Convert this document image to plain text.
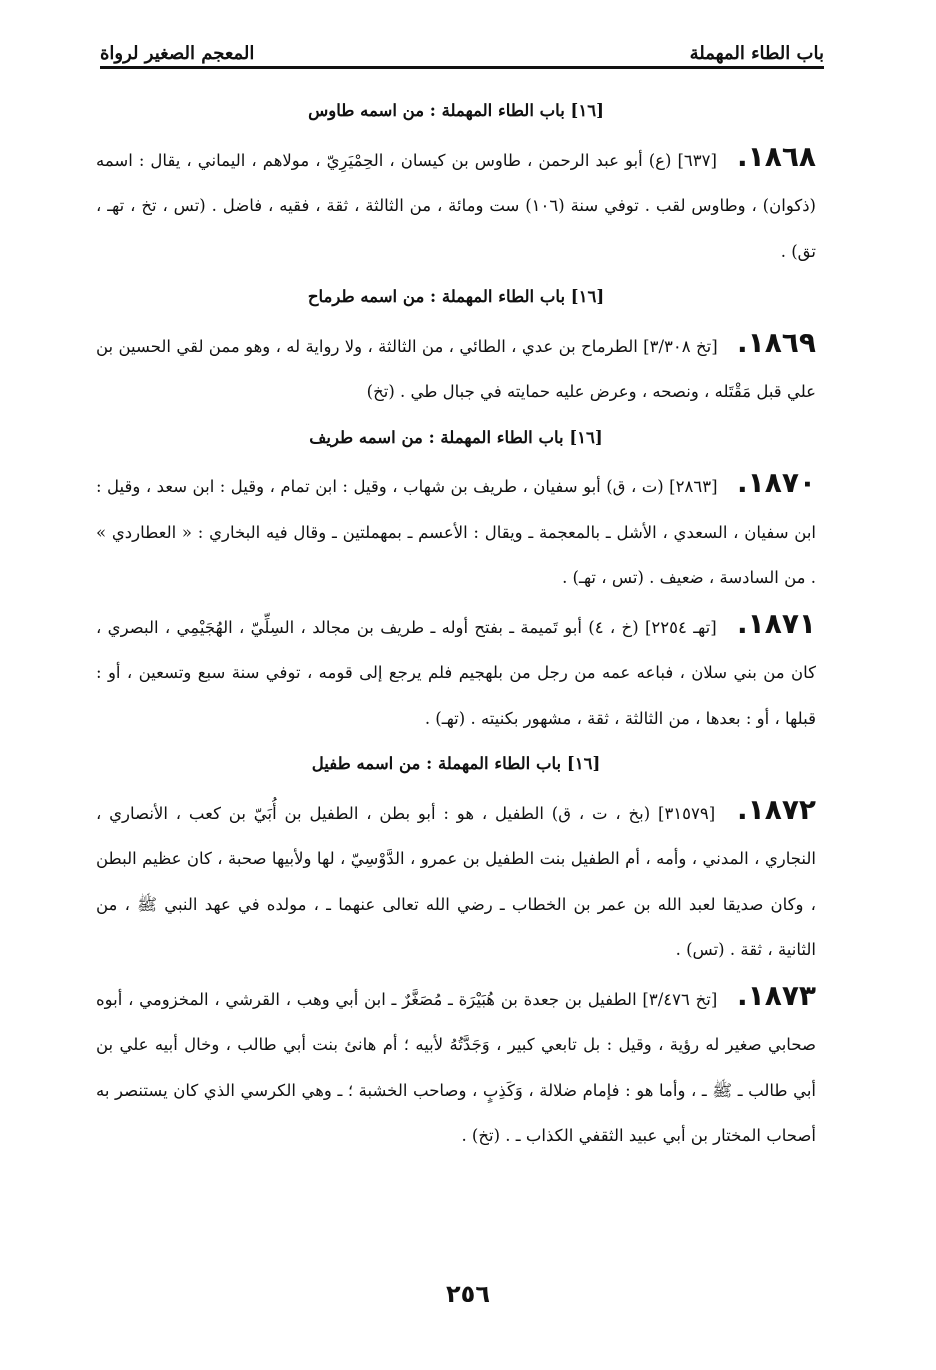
باب الطاء المهملة
المعجم الصغير لرواة
[١٦] باب الطاء المهملة : من اسمه طاوس

١٨٦٨. [٦٣٧] (ع) أبو عبد الرحمن ، طاوس بن كيسان ، الحِمْيَرِيّ ، مولاهم ، اليماني ، يقال : اسمه (ذكوان) ، وطاوس لقب . توفي سنة (١٠٦) ست ومائة ، من الثالثة ، ثقة ، فقيه ، فاضل . (تس ، تخ ، تهـ ، تق) .

[١٦] باب الطاء المهملة : من اسمه طرماح

١٨٦٩. [تخ ٣/٣٠٨] الطرماح بن عدي ، الطائي ، من الثالثة ، ولا رواية له ، وهو ممن لقي الحسين بن علي قبل مَقْتَله ، ونصحه ، وعرض عليه حمايته في جبال طي . (تخ)

[١٦] باب الطاء المهملة : من اسمه طريف

١٨٧٠. [٢٨٦٣] (ت ، ق) أبو سفيان ، طريف بن شهاب ، وقيل : ابن تمام ، وقيل : ابن سعد ، وقيل : ابن سفيان ، السعدي ، الأشل ـ بالمعجمة ـ ويقال : الأعسم ـ بمهملتين ـ وقال فيه البخاري : « العطاردي » . من السادسة ، ضعيف . (تس ، تهـ) .

١٨٧١. [تهـ ٢٢٥٤] (خ ، ٤) أبو تَميمة ـ بفتح أوله ـ طريف بن مجالد ، السِلِّيّ ، الهُجَيْمِي ، البصري ، كان من بني سلان ، فباعه عمه من رجل من بلهجيم فلم يرجع إلى قومه ، توفي سنة سبع وتسعين ، أو : قبلها ، أو : بعدها ، من الثالثة ، ثقة ، مشهور بكنيته . (تهـ) .

[١٦] باب الطاء المهملة : من اسمه طفيل

١٨٧٢. [٣١٥٧٩] (بخ ، ت ، ق) الطفيل ، هو : أبو بطن ، الطفيل بن أُبَيّ بن كعب ، الأنصاري ، النجاري ، المدني ، وأمه ، أم الطفيل بنت الطفيل بن عمرو ، الدَّوْسِيّ ، لها ولأبيها صحبة ، كان عظيم البطن ، وكان صديقا لعبد الله بن عمر بن الخطاب ـ رضي الله تعالى عنهما ـ ، مولده في عهد النبي ﷺ ، من الثانية ، ثقة . (تس) .

١٨٧٣. [تخ ٣/٤٧٦] الطفيل بن جعدة بن هُبَيْرَة ـ مُصَغَّرٌ ـ ابن أبي وهب ، القرشي ، المخزومي ، أبوه صحابي صغير له رؤية ، وقيل : بل تابعي كبير ، وَجَدَّتُهُ لأبيه ؛ أم هانئ بنت أبي طالب ، وخال أبيه علي بن أبي طالب ـ ﷺ ـ ، وأما هو : فإمام ضلالة ، وَكَذِبٍ ، وصاحب الخشبة ؛ ـ وهي الكرسي الذي كان يستنصر به أصحاب المختار بن أبي عبيد الثقفي الكذاب ـ . (تخ) .

٢٥٦
